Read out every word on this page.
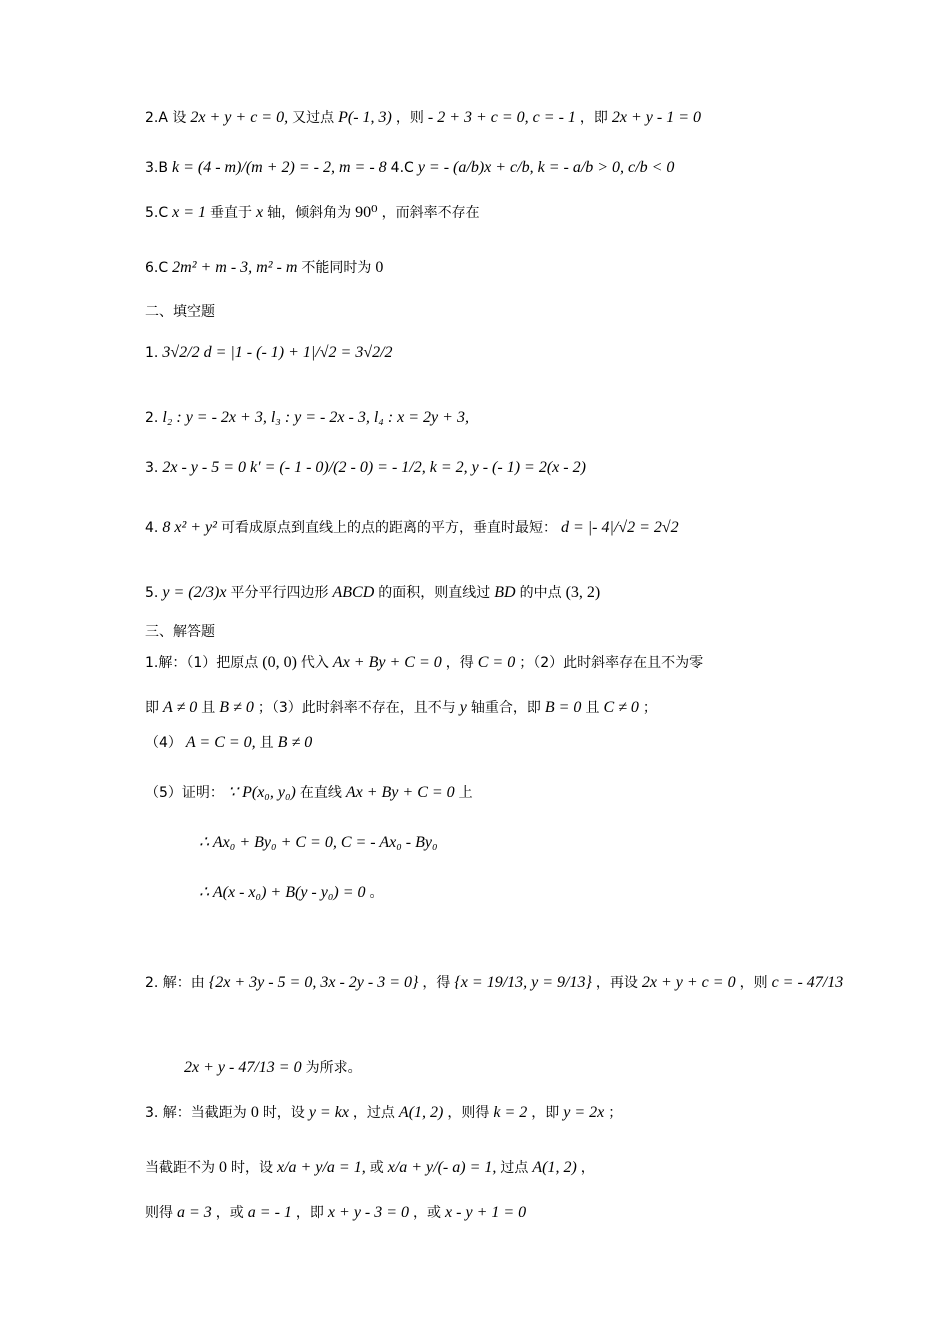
2.A 设 2x + y + c = 0, 又过点 P(- 1, 3) ，则 - 2 + 3 + c = 0, c = - 1 ，即 2x + y - 1 = 0
3.B k = (4 - m)/(m + 2) = - 2, m = - 8 4.C y = - (a/b)x + c/b, k = - a/b > 0, c/b < 0
5.C x = 1 垂直于 x 轴，倾斜角为 90⁰ ，而斜率不存在
6.C 2m² + m - 3, m² - m 不能同时为 0
二、填空题
1. 3√2/2 d = |1 - (- 1) + 1|/√2 = 3√2/2
2. l₂ : y = - 2x + 3, l₃ : y = - 2x - 3, l₄ : x = 2y + 3,
3. 2x - y - 5 = 0 k′ = (- 1 - 0)/(2 - 0) = - 1/2, k = 2, y - (- 1) = 2(x - 2)
4. 8 x² + y² 可看成原点到直线上的点的距离的平方，垂直时最短： d = |- 4|/√2 = 2√2
5. y = (2/3)x 平分平行四边形 ABCD 的面积，则直线过 BD 的中点 (3, 2)
三、解答题
1.解：（1）把原点 (0, 0) 代入 Ax + By + C = 0 ，得 C = 0 ；（2）此时斜率存在且不为零
即 A ≠ 0 且 B ≠ 0 ；（3）此时斜率不存在，且不与 y 轴重合，即 B = 0 且 C ≠ 0 ；
（4） A = C = 0, 且 B ≠ 0
（5）证明： ∵ P(x₀, y₀) 在直线 Ax + By + C = 0 上
∴ Ax₀ + By₀ + C = 0, C = - Ax₀ - By₀
∴ A(x - x₀) + B(y - y₀) = 0 。
2. 解：由 {2x + 3y - 5 = 0, 3x - 2y - 3 = 0} ，得 {x = 19/13, y = 9/13} ，再设 2x + y + c = 0 ，则 c = - 47/13
2x + y - 47/13 = 0 为所求。
3. 解：当截距为 0 时，设 y = kx ，过点 A(1, 2) ，则得 k = 2 ，即 y = 2x ；
当截距不为 0 时，设 x/a + y/a = 1, 或 x/a + y/(- a) = 1, 过点 A(1, 2) ，
则得 a = 3 ，或 a = - 1 ，即 x + y - 3 = 0 ，或 x - y + 1 = 0
